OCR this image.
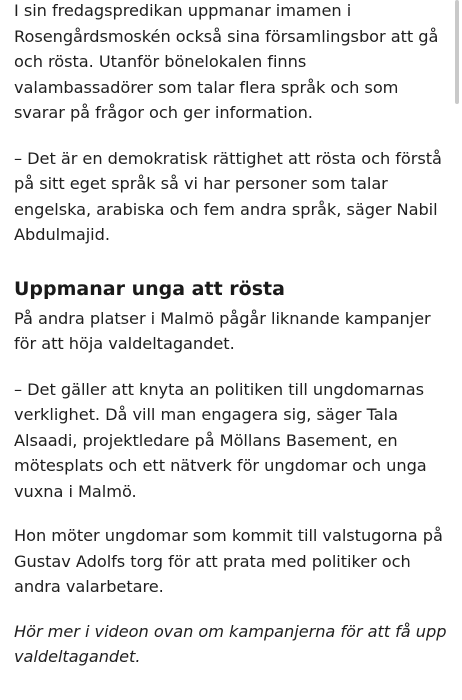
I sin fredagspredikan uppmanar imamen i Rosengårdsmoskén också sina församlingsbor att gå och rösta. Utanför bönelokalen finns valambassadörer som talar flera språk och som svarar på frågor och ger information.

– Det är en demokratisk rättighet att rösta och förstå på sitt eget språk så vi har personer som talar engelska, arabiska och fem andra språk, säger Nabil Abdulmajid.

Uppmanar unga att rösta

På andra platser i Malmö pågår liknande kampanjer för att höja valdeltagandet.

– Det gäller att knyta an politiken till ungdomarnas verklighet. Då vill man engagera sig, säger Tala Alsaadi, projektledare på Möllans Basement, en mötesplats och ett nätverk för ungdomar och unga vuxna i Malmö.

Hon möter ungdomar som kommit till valstugorna på Gustav Adolfs torg för att prata med politiker och andra valarbetare.

Hör mer i videon ovan om kampanjerna för att få upp valdeltagandet.
